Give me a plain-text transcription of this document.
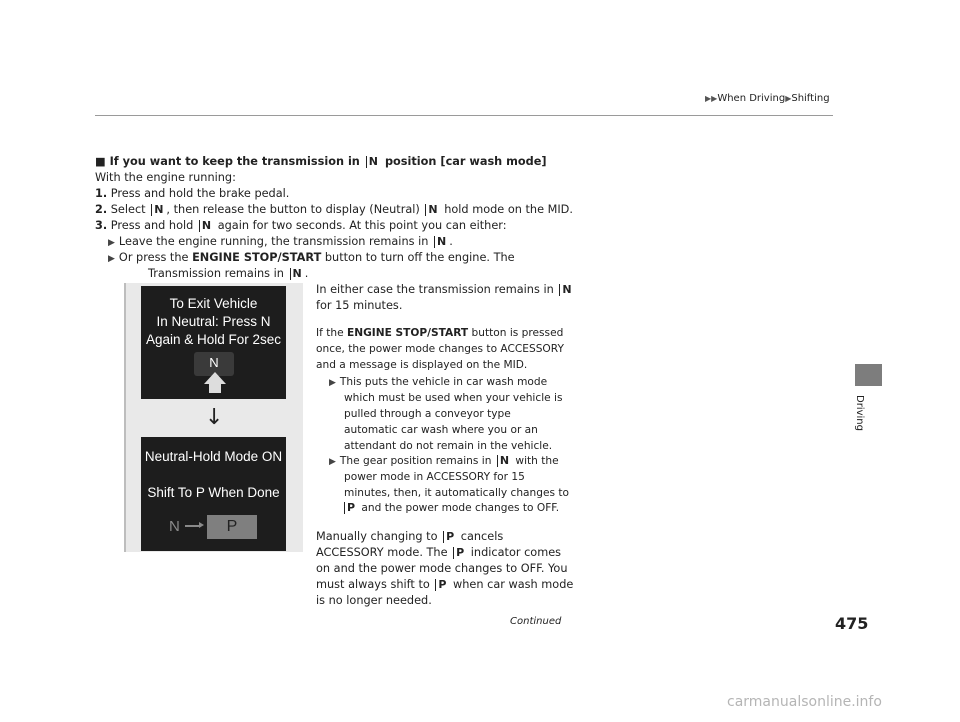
▶▶When Driving▶Shifting
Driving
■ If you want to keep the transmission in N position [car wash mode]
With the engine running:
1. Press and hold the brake pedal.
2. Select N , then release the button to display (Neutral) N hold mode on the MID.
3. Press and hold N again for two seconds. At this point you can either:
▶ Leave the engine running, the transmission remains in N .
▶ Or press the ENGINE STOP/START button to turn off the engine. The
Transmission remains in N .
To Exit Vehicle
In Neutral: Press N
Again & Hold For 2sec
N
↓
Neutral-Hold Mode ON
Shift To P When Done
N	P
In either case the transmission remains in N
for 15 minutes.
If the ENGINE STOP/START button is pressed
once, the power mode changes to ACCESSORY
and a message is displayed on the MID.
▶ This puts the vehicle in car wash mode
which must be used when your vehicle is
pulled through a conveyor type
automatic car wash where you or an
attendant do not remain in the vehicle.
▶ The gear position remains in N with the
power mode in ACCESSORY for 15
minutes, then, it automatically changes to
P and the power mode changes to OFF.
Manually changing to P cancels
ACCESSORY mode. The P indicator comes
on and the power mode changes to OFF. You
must always shift to P when car wash mode
is no longer needed.
Continued	475
carmanualsonline.info
